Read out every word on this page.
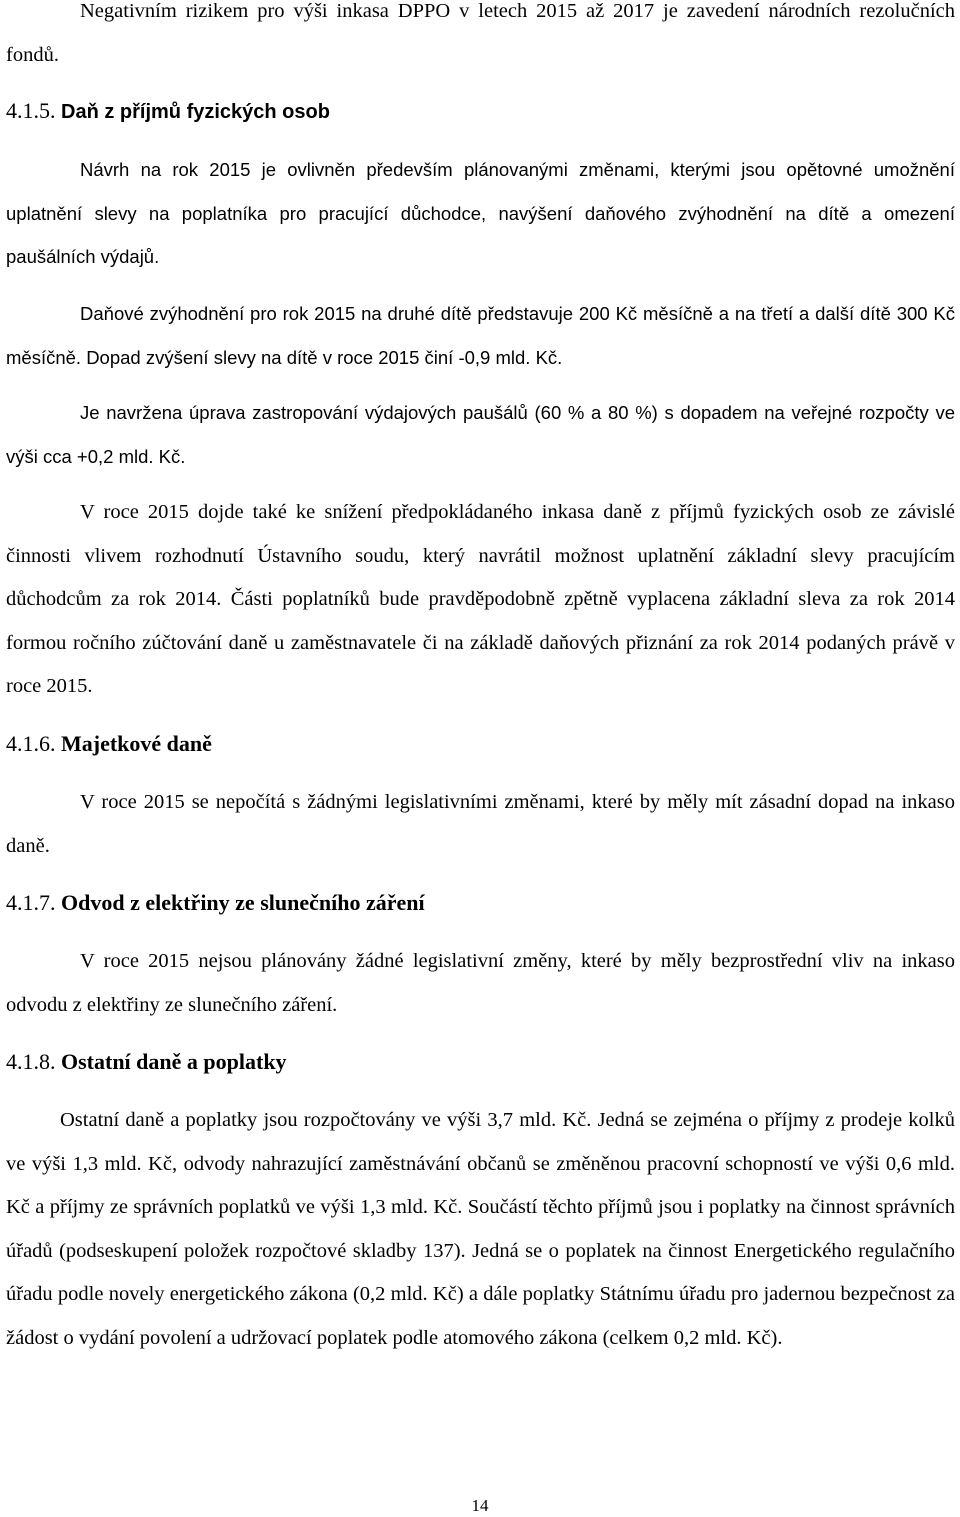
Negativním rizikem pro výši inkasa DPPO v letech 2015 až 2017 je zavedení národních rezolučních fondů.

4.1.5. Daň z příjmů fyzických osob

Návrh na rok 2015 je ovlivněn především plánovanými změnami, kterými jsou opětovné umožnění uplatnění slevy na poplatníka pro pracující důchodce, navýšení daňového zvýhodnění na dítě a omezení paušálních výdajů.

Daňové zvýhodnění pro rok 2015 na druhé dítě představuje 200 Kč měsíčně a na třetí a další dítě 300 Kč měsíčně. Dopad zvýšení slevy na dítě v roce 2015 činí -0,9 mld. Kč.

Je navržena úprava zastropování výdajových paušálů (60 % a 80 %) s dopadem na veřejné rozpočty ve výši cca +0,2 mld. Kč.

V roce 2015 dojde také ke snížení předpokládaného inkasa daně z příjmů fyzických osob ze závislé činnosti vlivem rozhodnutí Ústavního soudu, který navrátil možnost uplatnění základní slevy pracujícím důchodcům za rok 2014. Části poplatníků bude pravděpodobně zpětně vyplacena základní sleva za rok 2014 formou ročního zúčtování daně u zaměstnavatele či na základě daňových přiznání za rok 2014 podaných právě v roce 2015.

4.1.6. Majetkové daně

V roce 2015 se nepočítá s žádnými legislativními změnami, které by měly mít zásadní dopad na inkaso daně.

4.1.7. Odvod z elektřiny ze slunečního záření

V roce 2015 nejsou plánovány žádné legislativní změny, které by měly bezprostřední vliv na inkaso odvodu z elektřiny ze slunečního záření.

4.1.8. Ostatní daně a poplatky

Ostatní daně a poplatky jsou rozpočtovány ve výši 3,7 mld. Kč. Jedná se zejména o příjmy z prodeje kolků ve výši 1,3 mld. Kč, odvody nahrazující zaměstnávání občanů se změněnou pracovní schopností ve výši 0,6 mld. Kč a příjmy ze správních poplatků ve výši 1,3 mld. Kč. Součástí těchto příjmů jsou i poplatky na činnost správních úřadů (podseskupení položek rozpočtové skladby 137). Jedná se o poplatek na činnost Energetického regulačního úřadu podle novely energetického zákona (0,2 mld. Kč) a dále poplatky Státnímu úřadu pro jadernou bezpečnost za žádost o vydání povolení a udržovací poplatek podle atomového zákona (celkem 0,2 mld. Kč).

14
